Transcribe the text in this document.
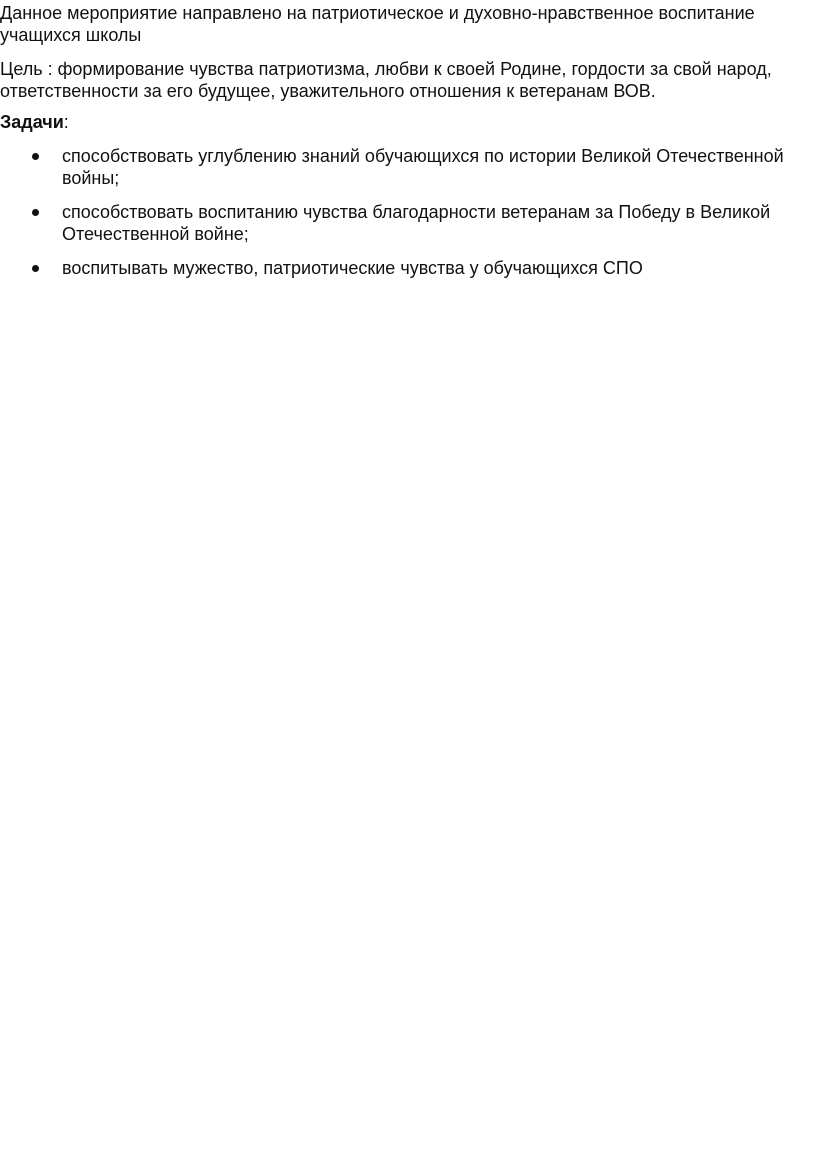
Данное мероприятие направлено на патриотическое и духовно-нравственное воспитание учащихся школы

Цель : формирование чувства патриотизма, любви к своей Родине, гордости за свой народ, ответственности за его будущее, уважительного отношения к ветеранам ВОВ.

Задачи:

способствовать углублению знаний обучающихся по истории Великой Отечественной войны;
способствовать воспитанию чувства благодарности ветеранам за Победу в Великой Отечественной войне;
воспитывать мужество, патриотические чувства у обучающихся СПО
